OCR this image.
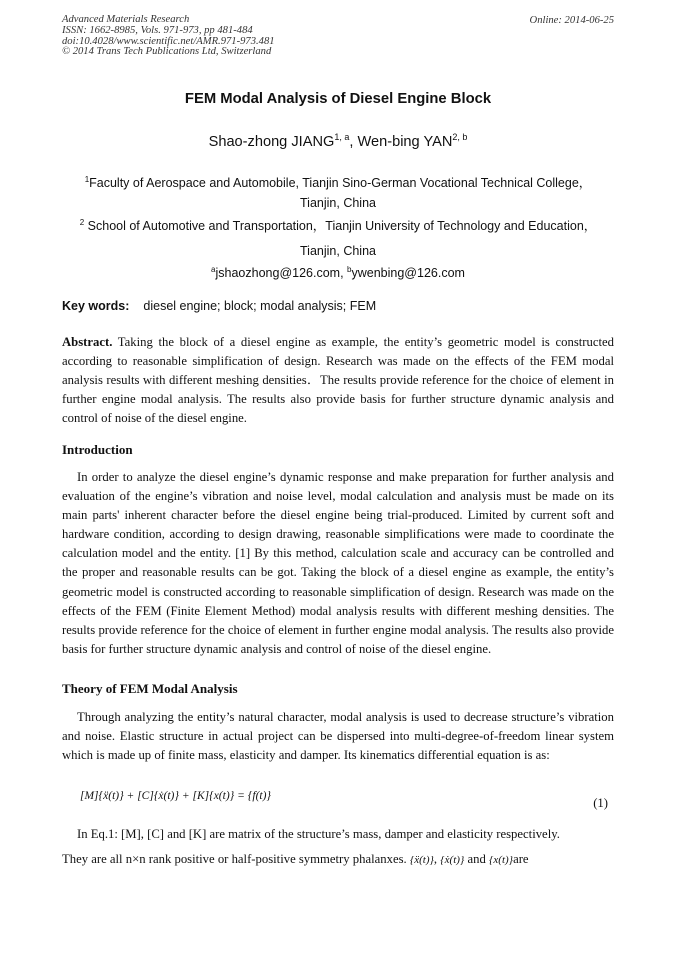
Advanced Materials Research
ISSN: 1662-8985, Vols. 971-973, pp 481-484
doi:10.4028/www.scientific.net/AMR.971-973.481
© 2014 Trans Tech Publications Ltd, Switzerland
Online: 2014-06-25
FEM Modal Analysis of Diesel Engine Block
Shao-zhong JIANG$^{1, a}$, Wen-bing YAN$^{2, b}$
$^1$Faculty of Aerospace and Automobile, Tianjin Sino-German Vocational Technical College，
Tianjin, China
$^2$ School of Automotive and Transportation，Tianjin University of Technology and Education，
Tianjin, China
$^a$jshaozhong@126.com, $^b$ywenbing@126.com
Key words: diesel engine; block; modal analysis; FEM
Abstract. Taking the block of a diesel engine as example, the entity’s geometric model is constructed according to reasonable simplification of design. Research was made on the effects of the FEM modal analysis results with different meshing densities．The results provide reference for the choice of element in further engine modal analysis. The results also provide basis for further structure dynamic analysis and control of noise of the diesel engine.
Introduction
In order to analyze the diesel engine’s dynamic response and make preparation for further analysis and evaluation of the engine’s vibration and noise level, modal calculation and analysis must be made on its main parts' inherent character before the diesel engine being trial-produced. Limited by current soft and hardware condition, according to design drawing, reasonable simplifications were made to coordinate the calculation model and the entity. [1] By this method, calculation scale and accuracy can be controlled and the proper and reasonable results can be got. Taking the block of a diesel engine as example, the entity’s geometric model is constructed according to reasonable simplification of design. Research was made on the effects of the FEM (Finite Element Method) modal analysis results with different meshing densities. The results provide reference for the choice of element in further engine modal analysis. The results also provide basis for further structure dynamic analysis and control of noise of the diesel engine.
Theory of FEM Modal Analysis
Through analyzing the entity’s natural character, modal analysis is used to decrease structure’s vibration and noise. Elastic structure in actual project can be dispersed into multi-degree-of-freedom linear system which is made up of finite mass, elasticity and damper. Its kinematics differential equation is as:
[M]{ẍ(t)} + [C]{ẋ(t)} + [K]{x(t)} = {f(t)}	(1)
In Eq.1: [M], [C] and [K] are matrix of the structure’s mass, damper and elasticity respectively.
They are all n×n rank positive or half-positive symmetry phalanxes. {ẍ(t)}, {ẋ(t)} and {x(t)}are
